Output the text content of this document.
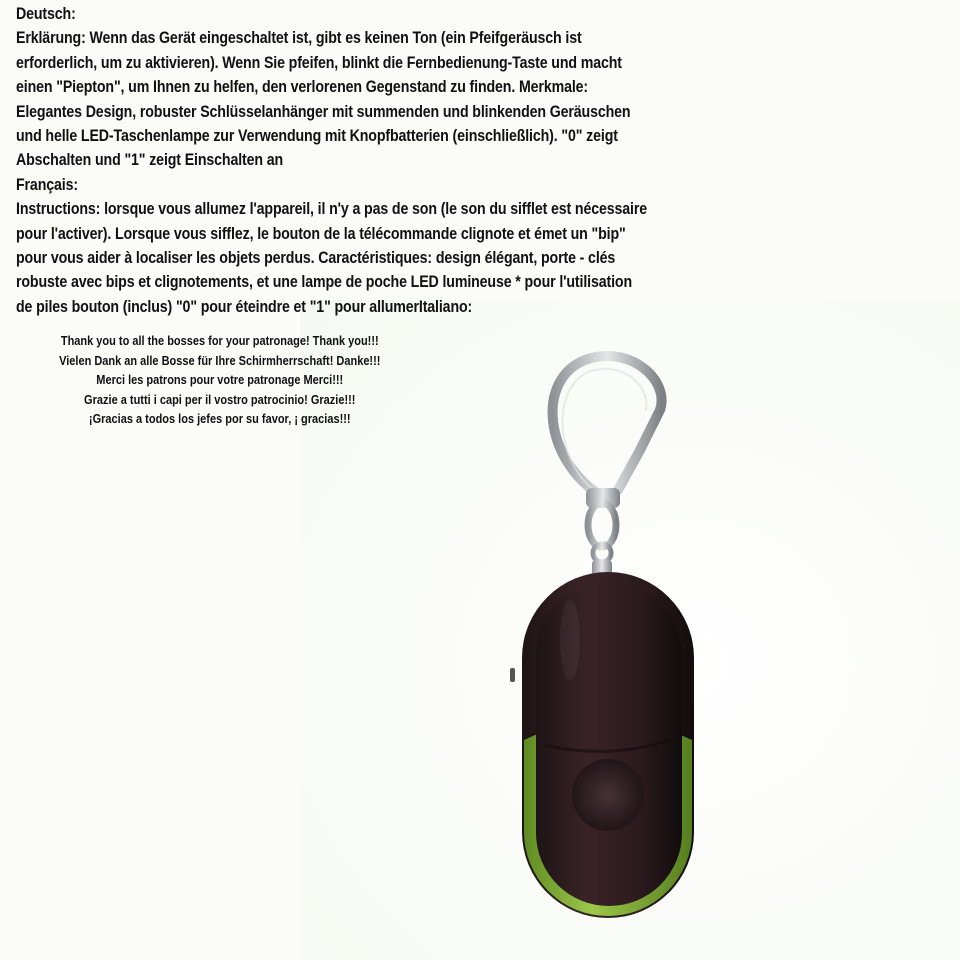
Deutsch:
Erklärung: Wenn das Gerät eingeschaltet ist, gibt es keinen Ton (ein Pfeifgeräusch ist
erforderlich, um zu aktivieren). Wenn Sie pfeifen, blinkt die Fernbedienung-Taste und macht
einen "Piepton", um Ihnen zu helfen, den verlorenen Gegenstand zu finden. Merkmale:
Elegantes Design, robuster Schlüsselanhänger mit summenden und blinkenden Geräuschen
und helle LED-Taschenlampe zur Verwendung mit Knopfbatterien (einschließlich). "0" zeigt
Abschalten und "1" zeigt Einschalten an
Français:
Instructions: lorsque vous allumez l'appareil, il n'y a pas de son (le son du sifflet est nécessaire
pour l'activer). Lorsque vous sifflez, le bouton de la télécommande clignote et émet un "bip"
pour vous aider à localiser les objets perdus. Caractéristiques: design élégant, porte - clés
robuste avec bips et clignotements, et une lampe de poche LED lumineuse * pour l'utilisation
de piles bouton (inclus) "0" pour éteindre et "1" pour allumerItaliano:
Thank you to all the bosses for your patronage! Thank you!!!
Vielen Dank an alle Bosse für Ihre Schirmherrschaft! Danke!!!
Merci les patrons pour votre patronage Merci!!!
Grazie a tutti i capi per il vostro patrocinio! Grazie!!!
¡Gracias a todos los jefes por su favor, ¡ gracias!!!
